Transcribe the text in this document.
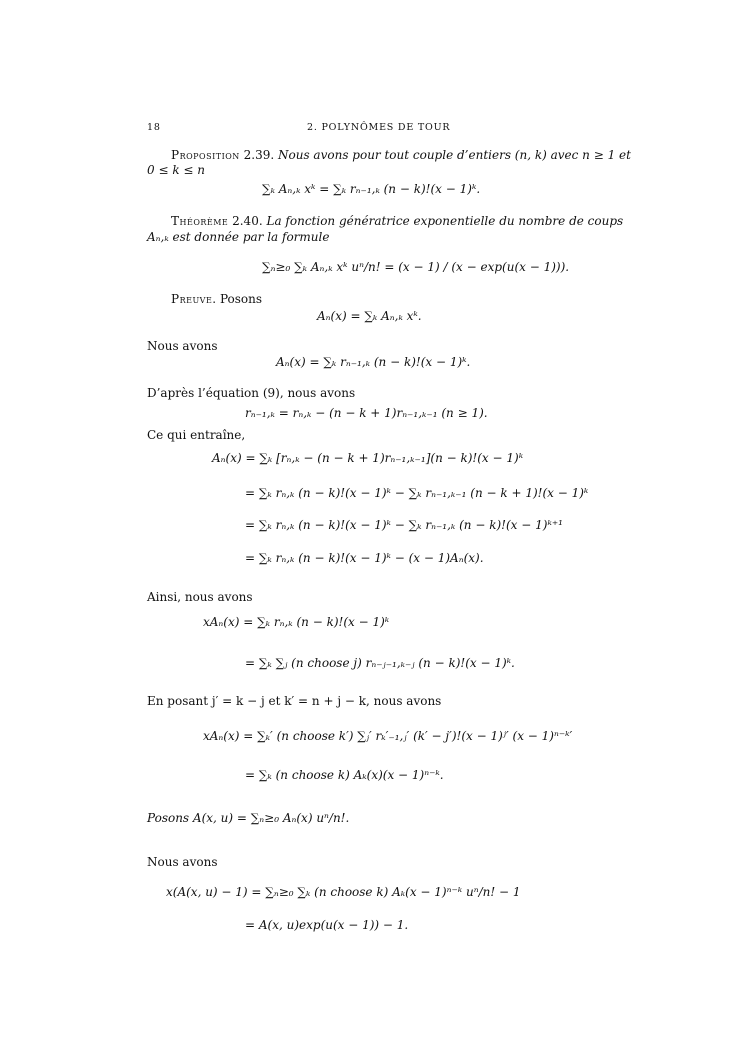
18	2. POLYNÔMES DE TOUR
Proposition 2.39. Nous avons pour tout couple d’entiers (n, k) avec n ≥ 1 et
0 ≤ k ≤ n
∑ₖ Aₙ,ₖ xᵏ = ∑ₖ rₙ₋₁,ₖ (n − k)!(x − 1)ᵏ.
Théorème 2.40. La fonction génératrice exponentielle du nombre de coups
Aₙ,ₖ est donnée par la formule
∑ₙ≥₀ ∑ₖ Aₙ,ₖ xᵏ uⁿ/n! = (x − 1) / (x − exp(u(x − 1))).
Preuve. Posons
Aₙ(x) = ∑ₖ Aₙ,ₖ xᵏ.
Nous avons
Aₙ(x) = ∑ₖ rₙ₋₁,ₖ (n − k)!(x − 1)ᵏ.
D’après l’équation (9), nous avons
rₙ₋₁,ₖ = rₙ,ₖ − (n − k + 1)rₙ₋₁,ₖ₋₁ (n ≥ 1).
Ce qui entraîne,
Aₙ(x) = ∑ₖ [rₙ,ₖ − (n − k + 1)rₙ₋₁,ₖ₋₁](n − k)!(x − 1)ᵏ
= ∑ₖ rₙ,ₖ (n − k)!(x − 1)ᵏ − ∑ₖ rₙ₋₁,ₖ₋₁ (n − k + 1)!(x − 1)ᵏ
= ∑ₖ rₙ,ₖ (n − k)!(x − 1)ᵏ − ∑ₖ rₙ₋₁,ₖ (n − k)!(x − 1)ᵏ⁺¹
= ∑ₖ rₙ,ₖ (n − k)!(x − 1)ᵏ − (x − 1)Aₙ(x).
Ainsi, nous avons
xAₙ(x) = ∑ₖ rₙ,ₖ (n − k)!(x − 1)ᵏ
= ∑ₖ ∑ⱼ (n choose j) rₙ₋ⱼ₋₁,ₖ₋ⱼ (n − k)!(x − 1)ᵏ.
En posant j′ = k − j et k′ = n + j − k, nous avons
xAₙ(x) = ∑ₖ′ (n choose k′) ∑ⱼ′ rₖ′₋₁,ⱼ′ (k′ − j′)!(x − 1)ʲ′ (x − 1)ⁿ⁻ᵏ′
= ∑ₖ (n choose k) Aₖ(x)(x − 1)ⁿ⁻ᵏ.
Posons A(x, u) = ∑ₙ≥₀ Aₙ(x) uⁿ/n!.
Nous avons
x(A(x, u) − 1) = ∑ₙ≥₀ ∑ₖ (n choose k) Aₖ(x − 1)ⁿ⁻ᵏ uⁿ/n! − 1
= A(x, u)exp(u(x − 1)) − 1.
